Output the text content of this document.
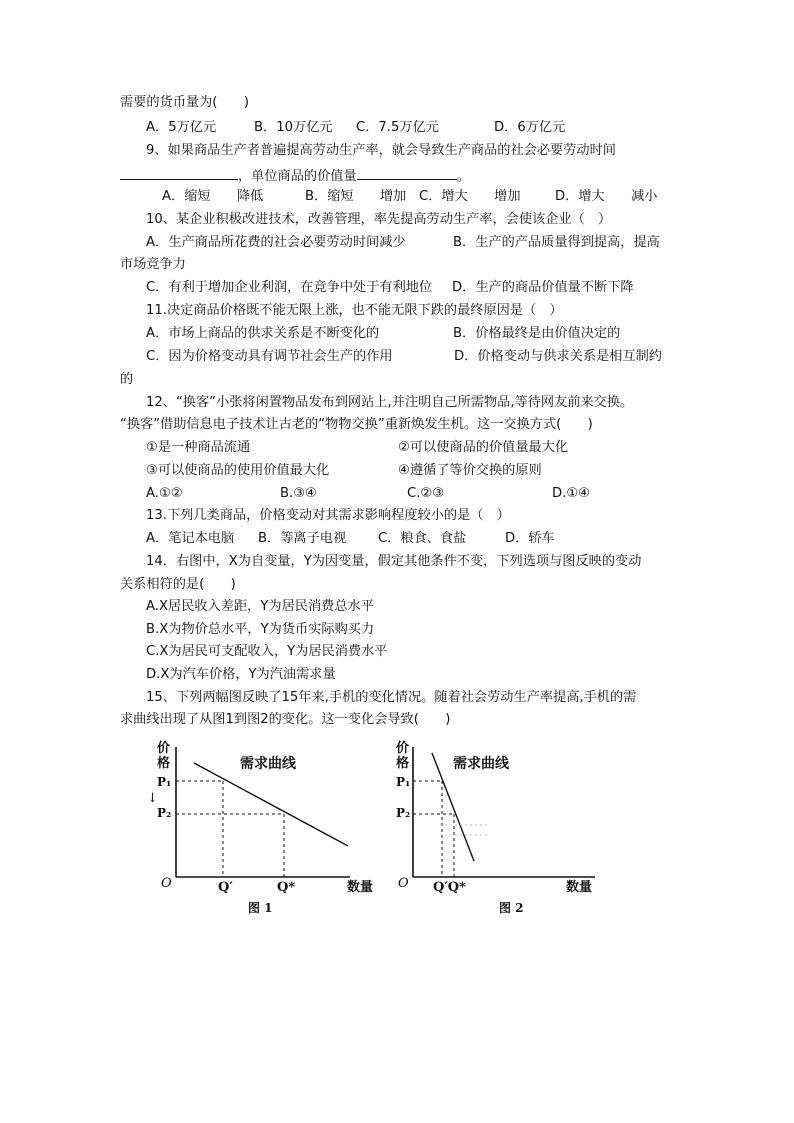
需要的货币量为(　　)
A．5万亿元	B．10万亿元 C．7.5万亿元	D．6万亿元
9、如果商品生产者普遍提高劳动生产率，就会导致生产商品的社会必要劳动时间
，单位商品的价值量	。
A．缩短　　降低	B．缩短　　增加 C．增大　　增加	D．增大　　减小
10、某企业积极改进技术，改善管理，率先提高劳动生产率，会使该企业（　）
A．生产商品所花费的社会必要劳动时间减少	B．生产的产品质量得到提高，提高
市场竞争力
C．有利于增加企业利润，在竞争中处于有利地位 D．生产的商品价值量不断下降
11.决定商品价格既不能无限上涨，也不能无限下跌的最终原因是（　）
A．市场上商品的供求关系是不断变化的	B．价格最终是由价值决定的
C．因为价格变动具有调节社会生产的作用	D．价格变动与供求关系是相互制约
的
12、“换客”小张将闲置物品发布到网站上,并注明自己所需物品,等待网友前来交换。
“换客”借助信息电子技术让古老的“物物交换”重新焕发生机。这一交换方式(　　)
①是一种商品流通	②可以使商品的价值量最大化
③可以使商品的使用价值最大化	④遵循了等价交换的原则
A.①②	B.③④	C.②③	D.①④
13.下列几类商品，价格变动对其需求影响程度较小的是（　）
A．笔记本电脑 B．等离子电视 C．粮食、食盐	D．轿车
14．右图中，X为自变量，Y为因变量，假定其他条件不变，下列选项与图反映的变动
关系相符的是(　　)
A.X居民收入差距，Y为居民消费总水平
B.X为物价总水平，Y为货币实际购买力
C.X为居民可支配收入，Y为居民消费水平
D.X为汽车价格，Y为汽油需求量
15、下列两幅图反映了15年来,手机的变化情况。随着社会劳动生产率提高,手机的需
求曲线出现了从图1到图2的变化。这一变化会导致(　　)
价
格	需求曲线
P₁
↓
P₂
O	Q′	Q*	数量
图 1
价
格	需求曲线
P₁
P₂
O Q′Q*	数量
图 2
